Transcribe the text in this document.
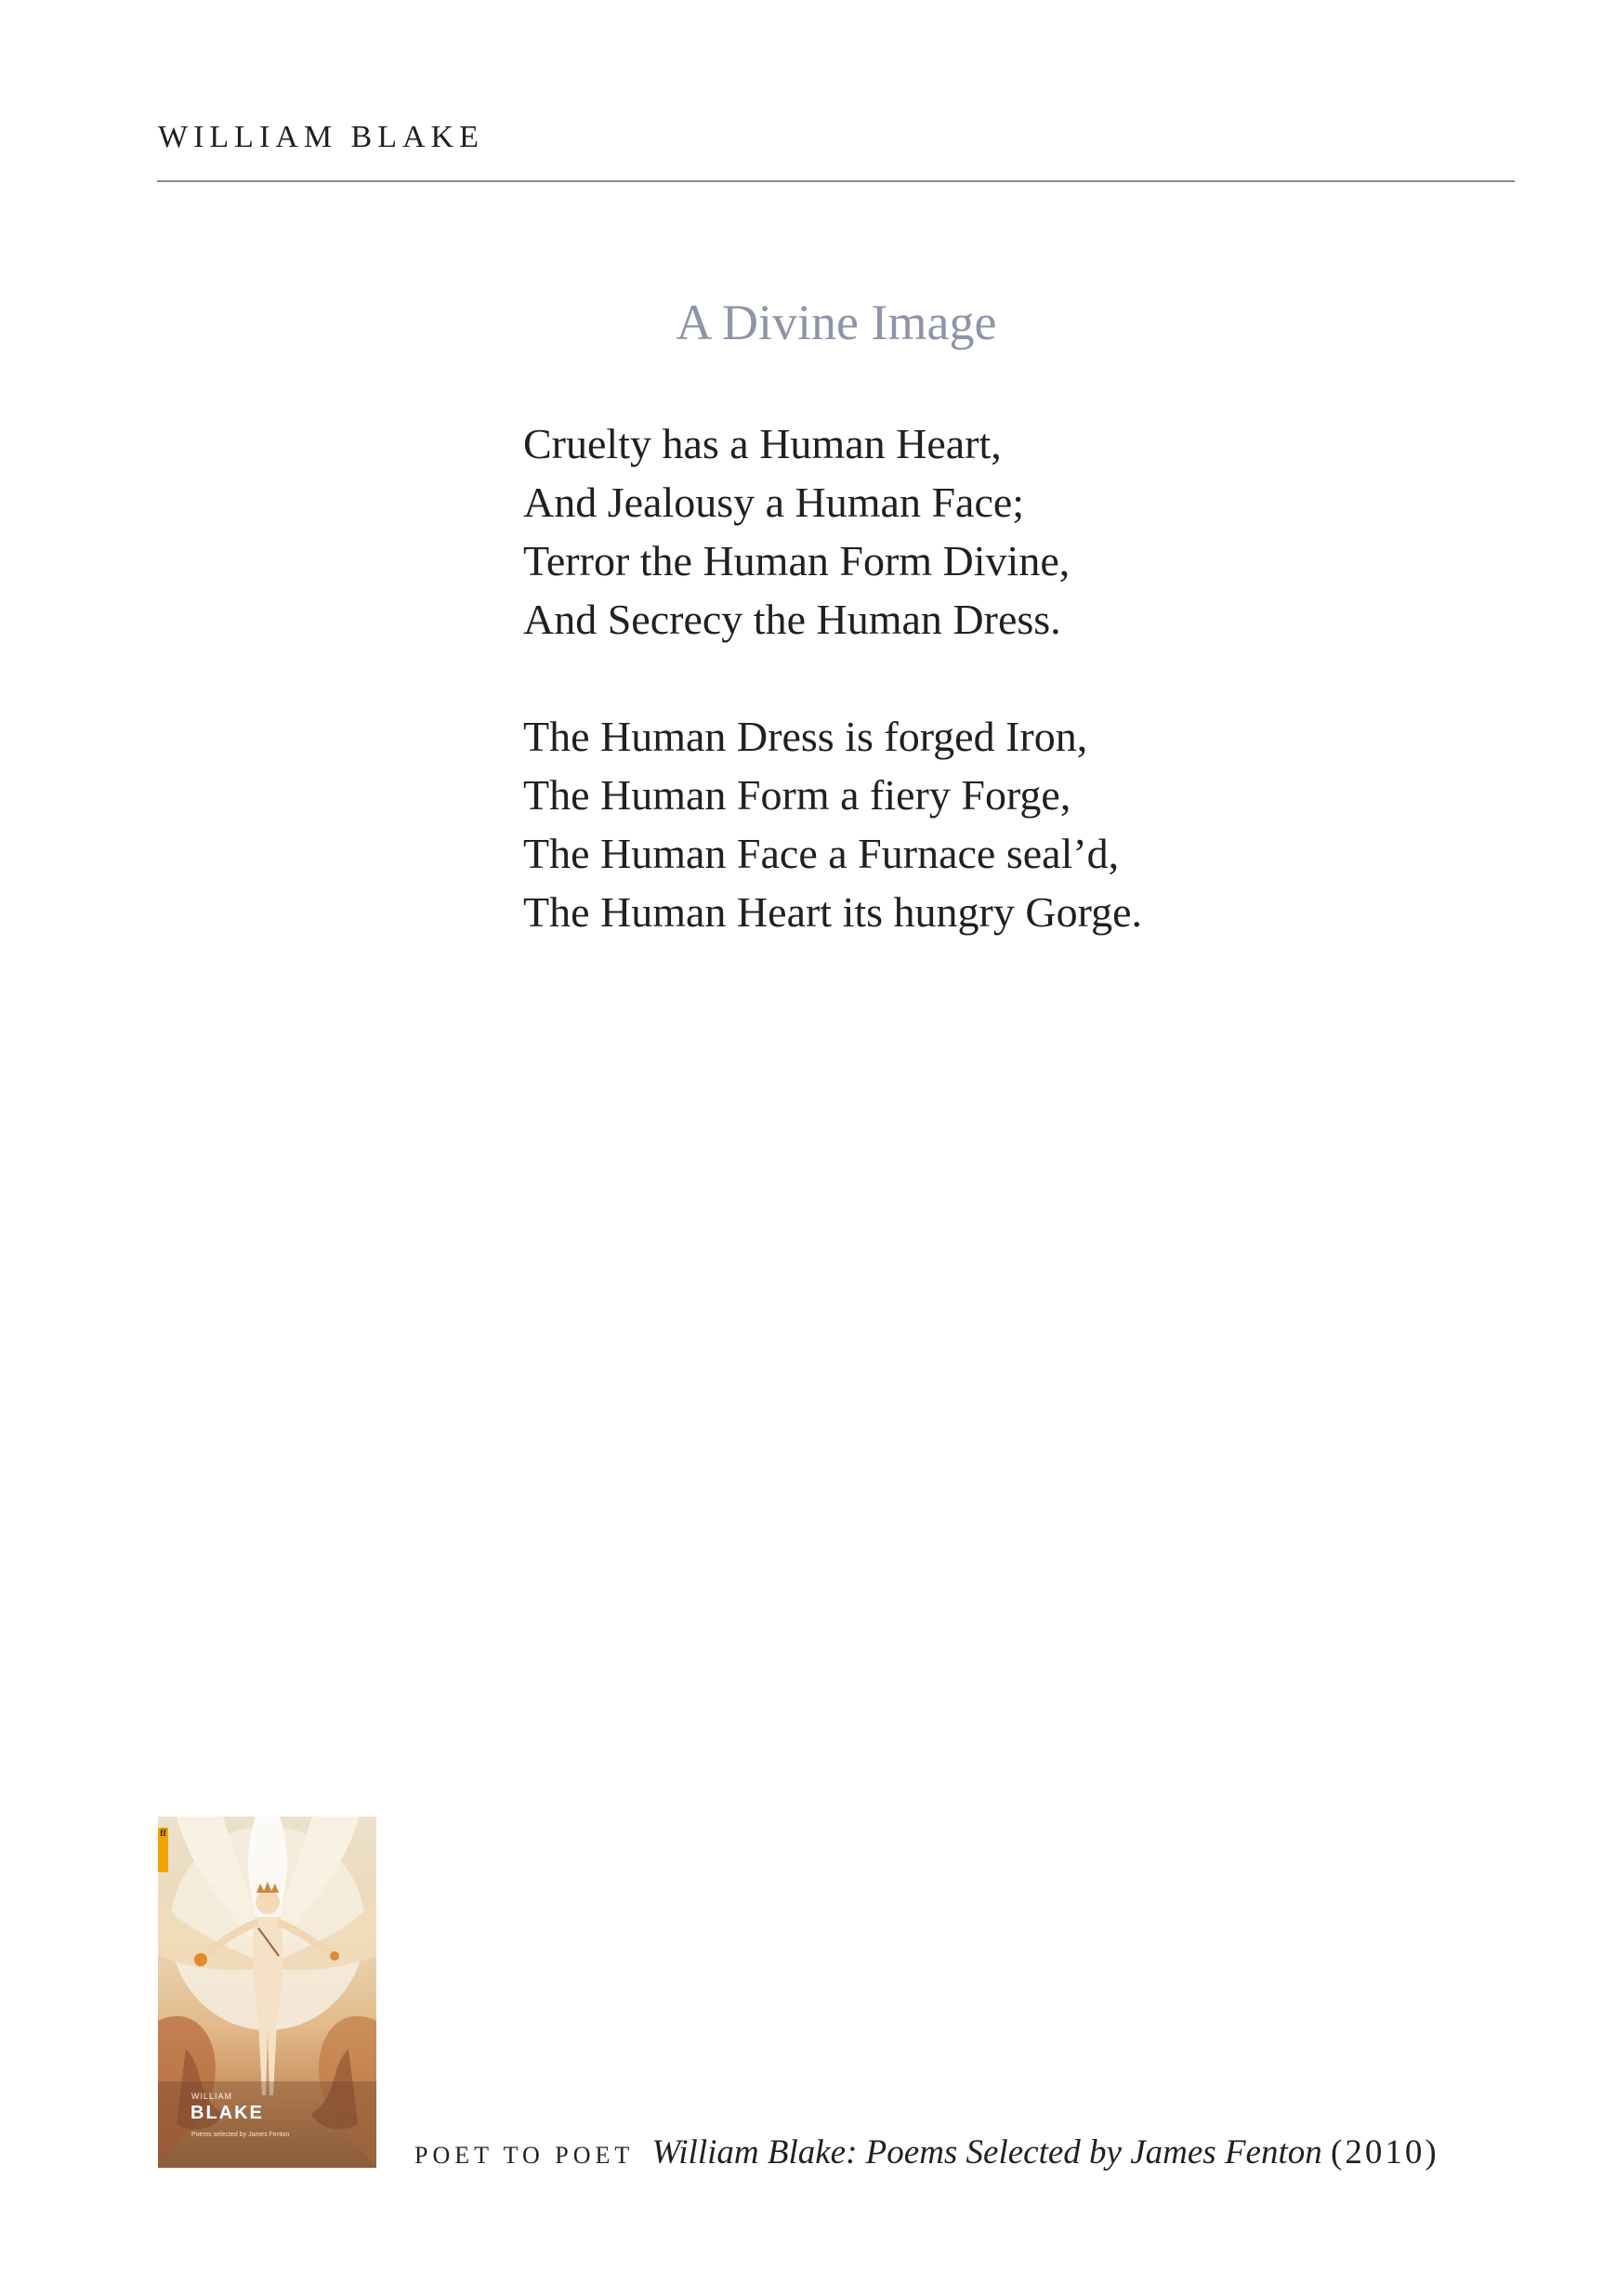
WILLIAM BLAKE
A Divine Image
Cruelty has a Human Heart,
And Jealousy a Human Face;
Terror the Human Form Divine,
And Secrecy the Human Dress.
The Human Dress is forged Iron,
The Human Form a fiery Forge,
The Human Face a Furnace seal’d,
The Human Heart its hungry Gorge.
ff
WILLIAM
BLAKE
Poems selected by James Fenton
POET TO POET William Blake: Poems Selected by James Fenton (2010)
